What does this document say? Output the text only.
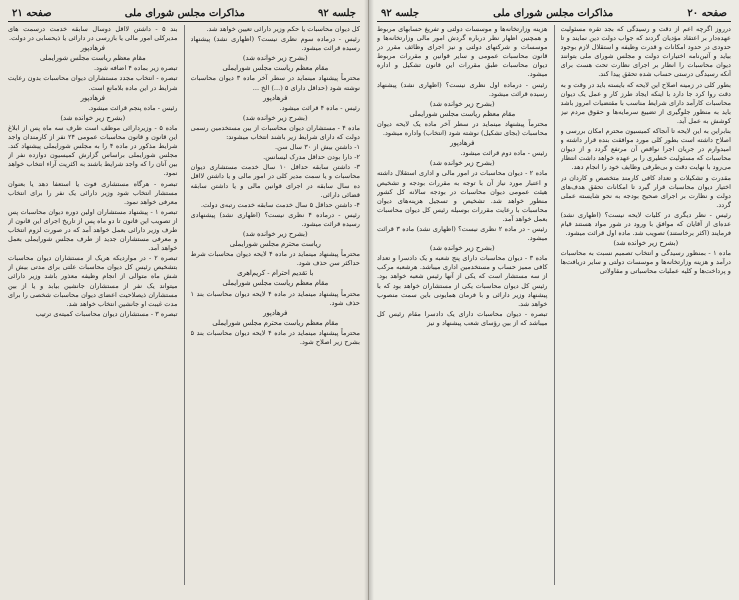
جلسه ۹۲
مذاکرات مجلس شورای ملی
صفحه ۲۱

کل دیوان محاسبات یا حکم وزیر دارائی تعیین خواهد شد.

رئیس - درماده سوم نظری نیست؟ (اظهاری نشد) پیشنهاد رسیده قرائت میشود.

(بشرح زیر خوانده شد)

مقام معظم ریاست مجلس شورایملی

محترماً پیشنهاد مینماید در سطر آخر ماده ۳ دیوان محاسبات نوشته شود (حداقل دارای ۵ (...) الخ ...

فرهادپور

رئیس - ماده ۴ قرائت میشود.

(بشرح زیر خوانده شد)

ماده ۴ - مستشاران دیوان محاسبات از بین مستخدمین رسمی دولت که دارای شرایط زیر باشند انتخاب میشوند:

۱- داشتن بیش از ۳۰ سال سن.

۲- دارا بودن حداقل مدرک لیسانس.

۳- داشتن سابقه حداقل ۱۰ سال خدمت مستشاری دیوان محاسبات و یا سمت مدیر کلی در امور مالی و یا داشتن لااقل ده سال سابقه در اجرای قوانین مالی و یا داشتن سابقه قضائی دارائی.

۴- داشتن حداقل ۵ سال خدمت سابقه خدمت رتبه‌ی دولت.

رئیس - درماده ۴ نظری نیست؟ (اظهاری نشد) پیشنهادی رسیده قرائت میشود.

(بشرح زیر خوانده شد)

ریاست محترم مجلس شورایملی

محترماً پیشنهاد مینماید در ماده ۴ لایحه دیوان محاسبات شرط حداکثر سن حذف شود.

با تقدیم احترام - کریم‌اهری

مقام معظم ریاست مجلس شورایملی

محترماً پیشنهاد مینماید در ماده ۴ لایحه دیوان محاسبات بند ۱ حذف شود.

فرهادپور

مقام معظم ریاست محترم مجلس شورایملی

محترماً پیشنهاد مینماید در ماده ۴ لایحه دیوان محاسبات بند ۵ بشرح زیر اصلاح شود.

بند ۵ - داشتن لااقل دوسال سابقه خدمت درسمت های مدیرکلی امور مالی یا بازرسی در دارائی یا ذیحسابی در دولت.

فرهادپور

مقام معظم ریاست مجلس شورایملی

تبصره زیر بماده ۴ اضافه شود.

تبصره - انتخاب مجدد مستشاران دیوان محاسبات بدون رعایت شرایط در این ماده بلامانع است.

فرهادپور

رئیس - ماده پنجم قرائت میشود.

(بشرح زیر خوانده شد)

ماده ۵ - وزیردارائی موظف است ظرف سه ماه پس از ابلاغ این قانون و قانون محاسبات عمومی ۲۴ نفر از کارمندان واجد شرایط مذکور در ماده ۴ را به مجلس شورایملی پیشنهاد کند. مجلس شورایملی براساس گزارش کمیسیون دوازده نفر از بین آنان را که واجد شرایط باشند به اکثریت آراء انتخاب خواهد نمود.

تبصره - هرگاه مستشاری فوت یا استعفا دهد یا بعنوان مستشار انتخاب شود وزیر دارائی یک نفر را برای انتخاب معرفی خواهد نمود.

تبصره ۱ - پیشنهاد مستشاران اولین دوره دیوان محاسبات پس از تصویب این قانون تا دو ماه پس از تاریخ اجرای این قانون از طرف وزیر دارائی بعمل خواهد آمد که در صورت لزوم انتخاب و معرفی مستشاران جدید از طرف مجلس شورایملی بعمل خواهد آمد.

تبصره ۲ - در مواردیکه هریک از مستشاران دیوان محاسبات بتشخیص رئیس کل دیوان محاسبات علتی برای مدتی بیش از شش ماه متوالی از انجام وظیفه معذور باشد وزیر دارائی میتواند یک نفر از مستشاران جانشین بیابد و یا از بین مستشاران ذیصلاحیت اعضای دیوان محاسبات شخصی را برای مدت غیبت او جانشین انتخاب خواهد شد.

تبصره ۳ - مستشاران دیوان محاسبات کمیته‌ی ترتیب

صفحه ۲۰
مذاکرات مجلس شورای ملی
جلسه ۹۲

درروز اگرچه اعم از دقت و رسیدگی که بجد تقره مسئولیت عهده‌دار بر اعتقاد مؤدیان گردند که جواب دولت دین نمایند و تا حدودی در حدود امکانات و قدرت وظیفه و استقلال لازم بوجود بیاید و آئین‌نامه اختیارات دولت و مجلس شورای ملی بتوانند دیوان محاسبات را انظار بر اجرای نظارت تحت هست برای آنکه رسیدگی درستی حساب شده تحقق پیدا کند.

بطور کلی در زمینه اصلاح این لایحه که بایسته باید در وقت و به دقت روا کرد جا دارد با اینکه ایجاد طرز کار و عمل یک دیوان محاسبات کارآمد دارای شرایط مناسب با مقتضیات امروز باشد باید به منظور جلوگیری از تضییع سرمایه‌ها و حقوق مردم نیز کوشش به عمل آید.

بنابراین به این لایحه تا آنجاکه کمیسیون محترم امکان بررسی و اصلاح داشته است بطور کلی مورد موافقت بنده قرار داشته و امیدوارم در جریان اجرا نواقص آن مرتفع گردد و از دیوان محاسبات که مسئولیت خطیری را بر عهده خواهد داشت انتظار می‌رود با نهایت دقت و بی‌طرفی وظایف خود را انجام دهد.

مقدرت و تشکیلات و تعداد کافی کارمند متخصص و کاردان در اختیار دیوان محاسبات قرار گیرد تا امکانات تحقق هدف‌های دولت و نظارت بر اجرای صحیح بودجه به نحو شایسته عملی گردد.

رئیس - نظر دیگری در کلیات لایحه نیست؟ (اظهاری نشد) عده‌ای از آقایان که موافق با ورود در شور مواد هستند قیام فرمایند (اکثر برخاستند) تصویب شد. ماده اول قرائت میشود.

(بشرح زیر خوانده شد)

ماده ۱ - بمنظور رسیدگی و انتخاب تصمیم نسبت به محاسبات درآمد و هزینه وزارتخانه‌ها و موسسات دولتی و سایر دریافت‌ها و پرداخت‌ها و کلیه عملیات محاسباتی و مقاولاتی

هزینه وزارتخانه‌ها و موسسات دولتی و تفریغ حسابهای مربوط و همچنین اظهار نظر درباره گردش امور مالی وزارتخانه‌ها و موسسات و شرکتهای دولتی و نیز اجرای وظائف مقرر در قانون محاسبات عمومی و سایر قوانین و مقررات مربوط دیوان محاسبات طبق مقررات این قانون تشکیل و اداره میشود.

رئیس - درماده اول نظری نیست؟ (اظهاری نشد) پیشنهاد رسیده قرائت میشود.

(بشرح زیر خوانده شد)

مقام معظم ریاست مجلس شورایملی

محترماً پیشنهاد مینماید در سطر آخر ماده یک لایحه دیوان محاسبات (بجای تشکیل) نوشته شود (انتخاب) واداره میشود.

فرهادپور

رئیس - ماده دوم قرائت میشود.

(بشرح زیر خوانده شد)

ماده ۲ - دیوان محاسبات در امور مالی و اداری استقلال داشته و اعتبار مورد نیاز آن با توجه به مقررات بودجه و تشخیص هیئت عمومی دیوان محاسبات در بودجه سالانه کل کشور منظور خواهد شد. تشخیص و تسجیل هزینه‌های دیوان محاسبات با رعایت مقررات بوسیله رئیس کل دیوان محاسبات بعمل خواهد آمد.

رئیس - در ماده ۲ نظری نیست؟ (اظهاری نشد) ماده ۳ قرائت میشود.

(بشرح زیر خوانده شد)

ماده ۳ - دیوان محاسبات دارای پنج شعبه و یک دادسرا و تعداد کافی ممیز حساب و مستخدمین اداری میباشد. هرشعبه مرکب از سه مستشار است که یکی از آنها رئیس شعبه خواهد بود. رئیس کل دیوان محاسبات یکی از مستشاران خواهد بود که با پیشنهاد وزیر دارائی و با فرمان همایونی باین سمت منصوب خواهد شد.

تبصره - دیوان محاسبات دارای یک دادسرا مقام رئیس کل میباشد که از بین رؤسای شعب پیشنهاد و نیز
